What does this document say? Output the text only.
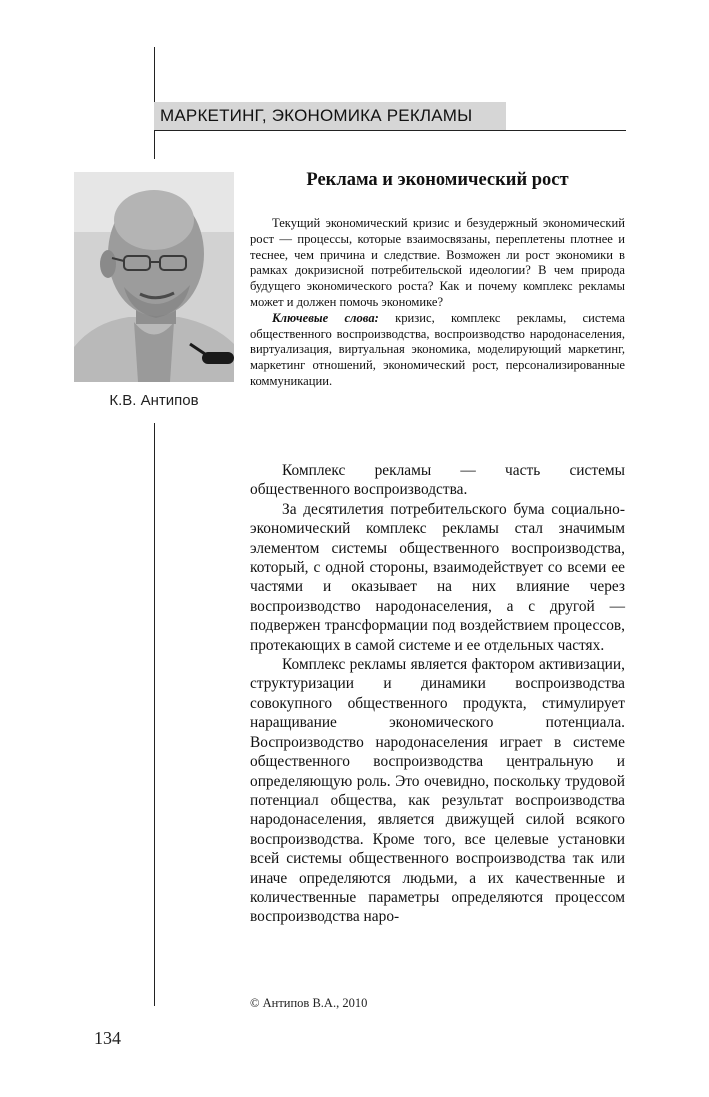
МАРКЕТИНГ, ЭКОНОМИКА РЕКЛАМЫ
К.В. Антипов
Реклама и экономический рост

Текущий экономический кризис и безудержный экономический рост — процессы, которые взаимосвязаны, переплетены плотнее и теснее, чем причина и следствие. Возможен ли рост экономики в рамках докризисной потребительской идеологии? В чем природа будущего экономического роста? Как и почему комплекс рекламы может и должен помочь экономике?

Ключевые слова: кризис, комплекс рекламы, система общественного воспроизводства, воспроизводство народонаселения, виртуализация, виртуальная экономика, моделирующий маркетинг, маркетинг отношений, экономический рост, персонализированные коммуникации.

Комплекс рекламы — часть системы общественного воспроизводства.

За десятилетия потребительского бума социально-экономический комплекс рекламы стал значимым элементом системы общественного воспроизводства, который, с одной стороны, взаимодействует со всеми ее частями и оказывает на них влияние через воспроизводство народонаселения, а с другой — подвержен трансформации под воздействием процессов, протекающих в самой системе и ее отдельных частях.

Комплекс рекламы является фактором активизации, структуризации и динамики воспроизводства совокупного общественного продукта, стимулирует наращивание экономического потенциала. Воспроизводство народонаселения играет в системе общественного воспроизводства центральную и определяющую роль. Это очевидно, поскольку трудовой потенциал общества, как результат воспроизводства народонаселения, является движущей силой всякого воспроизводства. Кроме того, все целевые установки всей системы общественного воспроизводства так или иначе определяются людьми, а их качественные и количественные параметры определяются процессом воспроизводства наро-

© Антипов В.А., 2010
134
